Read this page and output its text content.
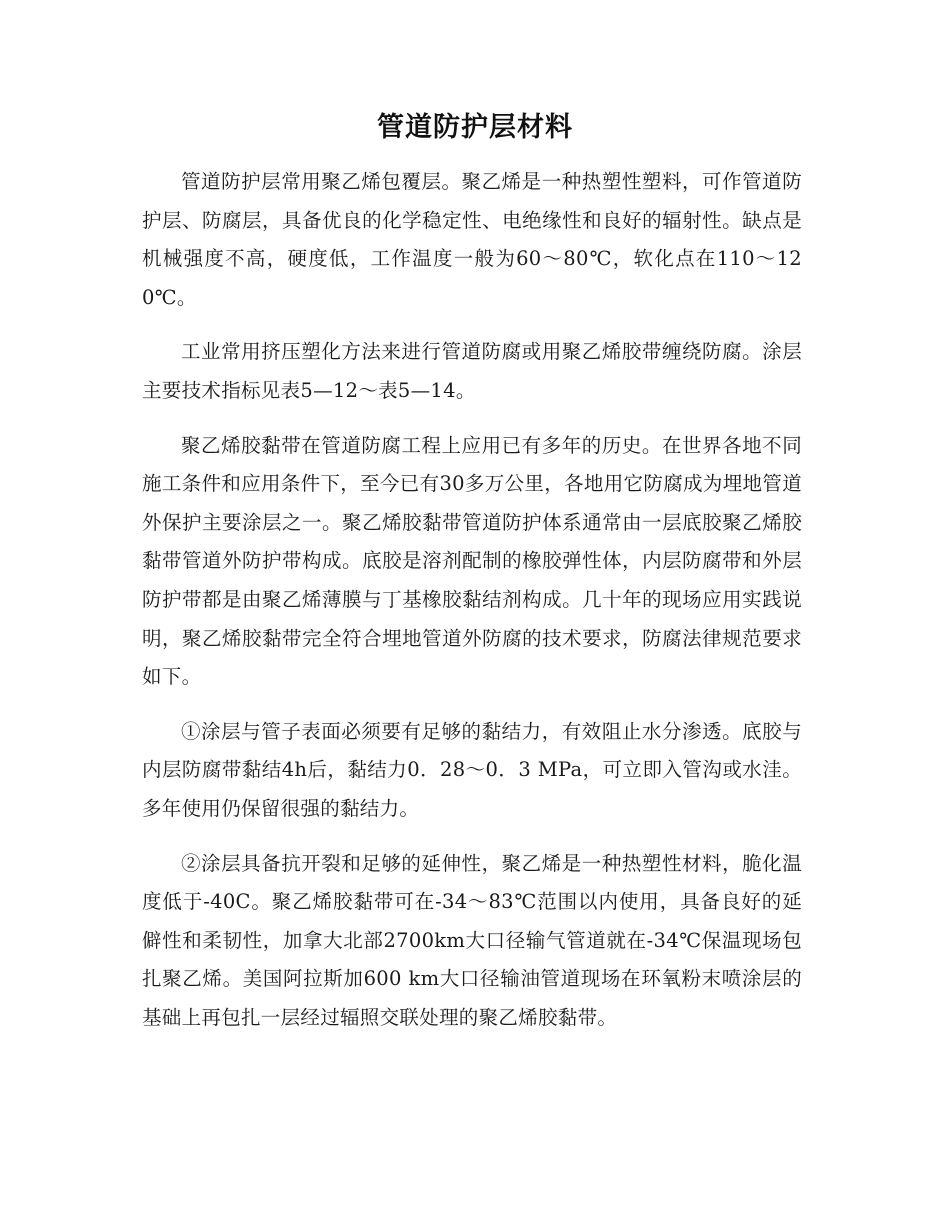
管道防护层材料

管道防护层常用聚乙烯包覆层。聚乙烯是一种热塑性塑料，可作管道防护层、防腐层，具备优良的化学稳定性、电绝缘性和良好的辐射性。缺点是机械强度不高，硬度低，工作温度一般为60～80℃，软化点在110～120℃。

工业常用挤压塑化方法来进行管道防腐或用聚乙烯胶带缠绕防腐。涂层主要技术指标见表5—12～表5—14。

聚乙烯胶黏带在管道防腐工程上应用已有多年的历史。在世界各地不同施工条件和应用条件下，至今已有30多万公里，各地用它防腐成为埋地管道外保护主要涂层之一。聚乙烯胶黏带管道防护体系通常由一层底胶聚乙烯胶黏带管道外防护带构成。底胶是溶剂配制的橡胶弹性体，内层防腐带和外层防护带都是由聚乙烯薄膜与丁基橡胶黏结剂构成。几十年的现场应用实践说明，聚乙烯胶黏带完全符合埋地管道外防腐的技术要求，防腐法律规范要求如下。

①涂层与管子表面必须要有足够的黏结力，有效阻止水分渗透。底胶与内层防腐带黏结4h后，黏结力0．28～0．3 MPa，可立即入管沟或水洼。多年使用仍保留很强的黏结力。

②涂层具备抗开裂和足够的延伸性，聚乙烯是一种热塑性材料，脆化温度低于-40C。聚乙烯胶黏带可在-34～83℃范围以内使用，具备良好的延僻性和柔韧性，加拿大北部2700km大口径输气管道就在-34℃保温现场包扎聚乙烯。美国阿拉斯加600 km大口径输油管道现场在环氧粉末喷涂层的基础上再包扎一层经过辐照交联处理的聚乙烯胶黏带。
